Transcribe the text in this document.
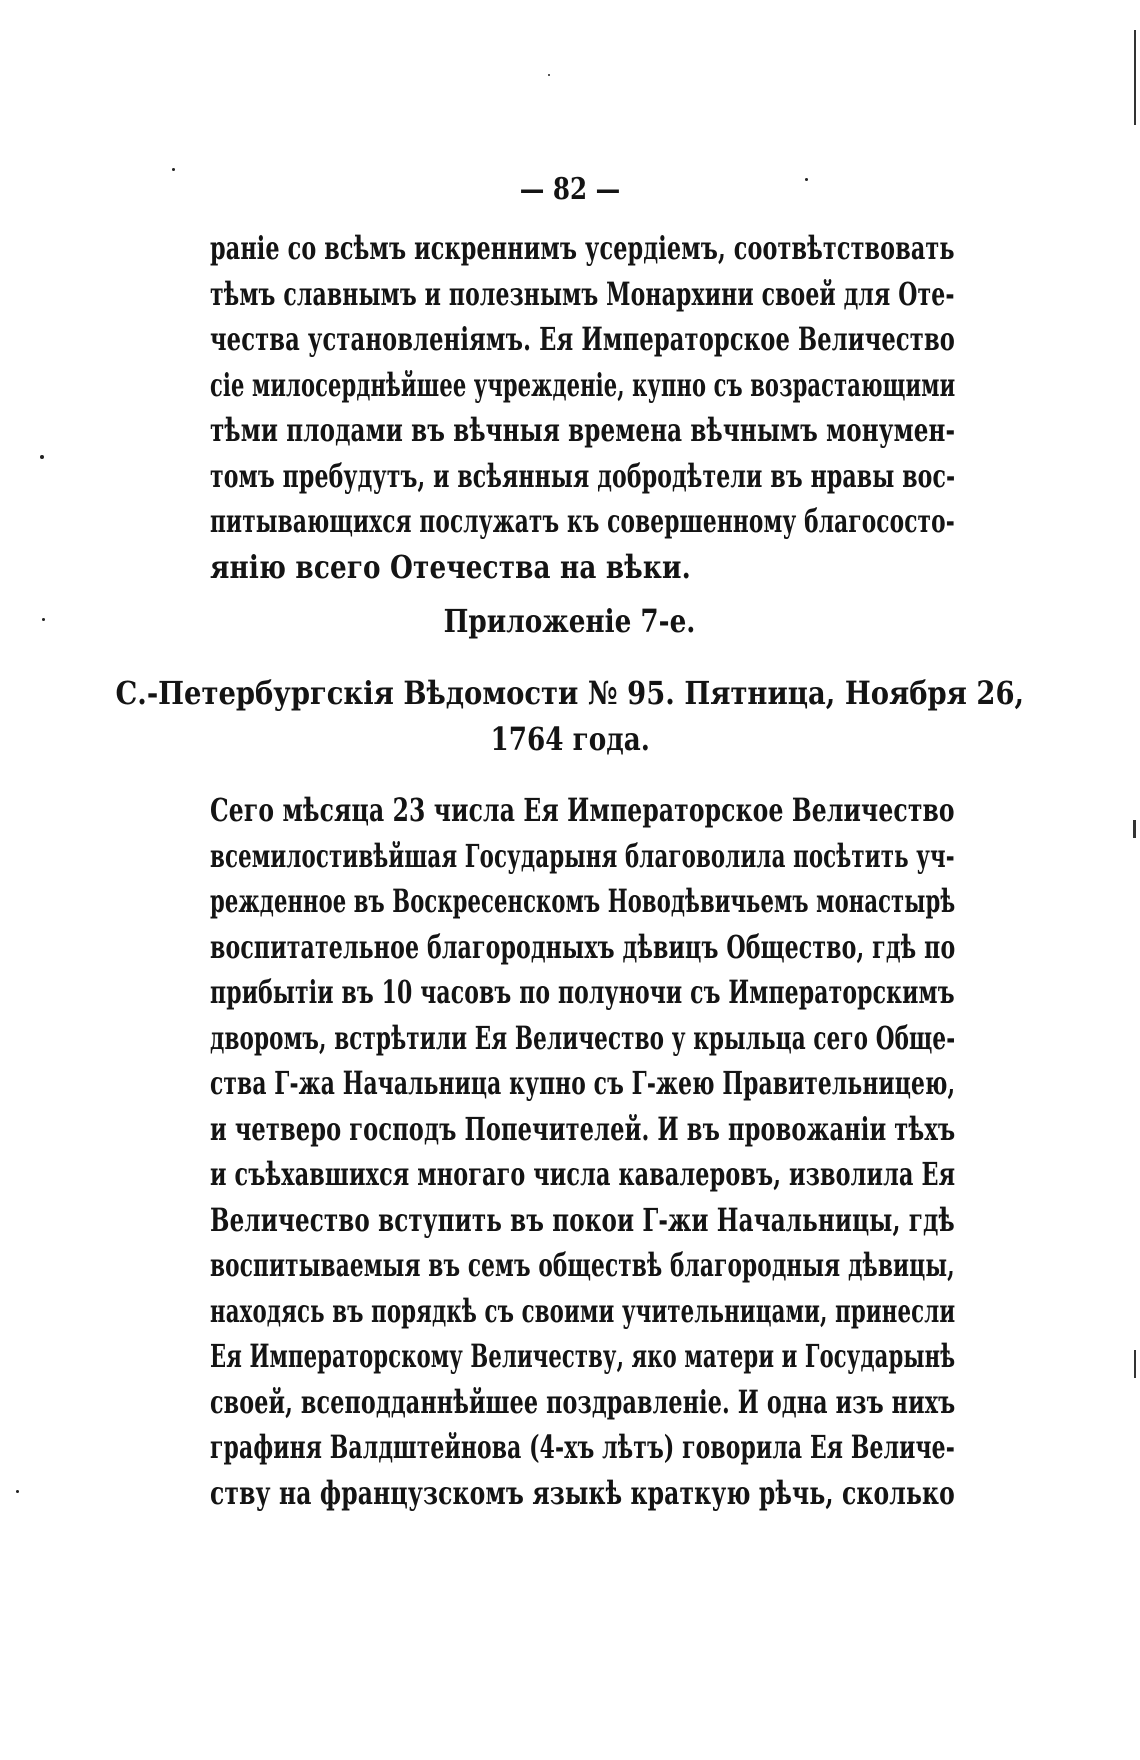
— 82 —
раніе со всѣмъ искреннимъ усердіемъ, соотвѣтствовать
тѣмъ славнымъ и полезнымъ Монархини своей для Оте-
чества установленіямъ. Ея Императорское Величество
сіе милосерднѣйшее учрежденіе, купно съ возрастающими
тѣми плодами въ вѣчныя времена вѣчнымъ монумен-
томъ пребудутъ, и всѣянныя добродѣтели въ нравы вос-
питывающихся послужатъ къ совершенному благососто-
янію всего Отечества на вѣки.
Приложеніе 7-е.
С.-Петербургскія Вѣдомости № 95. Пятница, Ноября 26,
1764 года.
Сего мѣсяца 23 числа Ея Императорское Величество
всемилостивѣйшая Государыня благоволила посѣтить уч-
режденное въ Воскресенскомъ Новодѣвичьемъ монастырѣ
воспитательное благородныхъ дѣвицъ Общество, гдѣ по
прибытіи въ 10 часовъ по полуночи съ Императорскимъ
дворомъ, встрѣтили Ея Величество у крыльца сего Обще-
ства Г-жа Начальница купно съ Г-жею Правительницею,
и четверо господъ Попечителей. И въ провожаніи тѣхъ
и съѣхавшихся многаго числа кавалеровъ, изволила Ея
Величество вступить въ покои Г-жи Начальницы, гдѣ
воспитываемыя въ семъ обществѣ благородныя дѣвицы,
находясь въ порядкѣ съ своими учительницами, принесли
Ея Императорскому Величеству, яко матери и Государынѣ
своей, всеподданнѣйшее поздравленіе. И одна изъ нихъ
графиня Валдштейнова (4-хъ лѣтъ) говорила Ея Величе-
ству на французскомъ языкѣ краткую рѣчь, сколько
